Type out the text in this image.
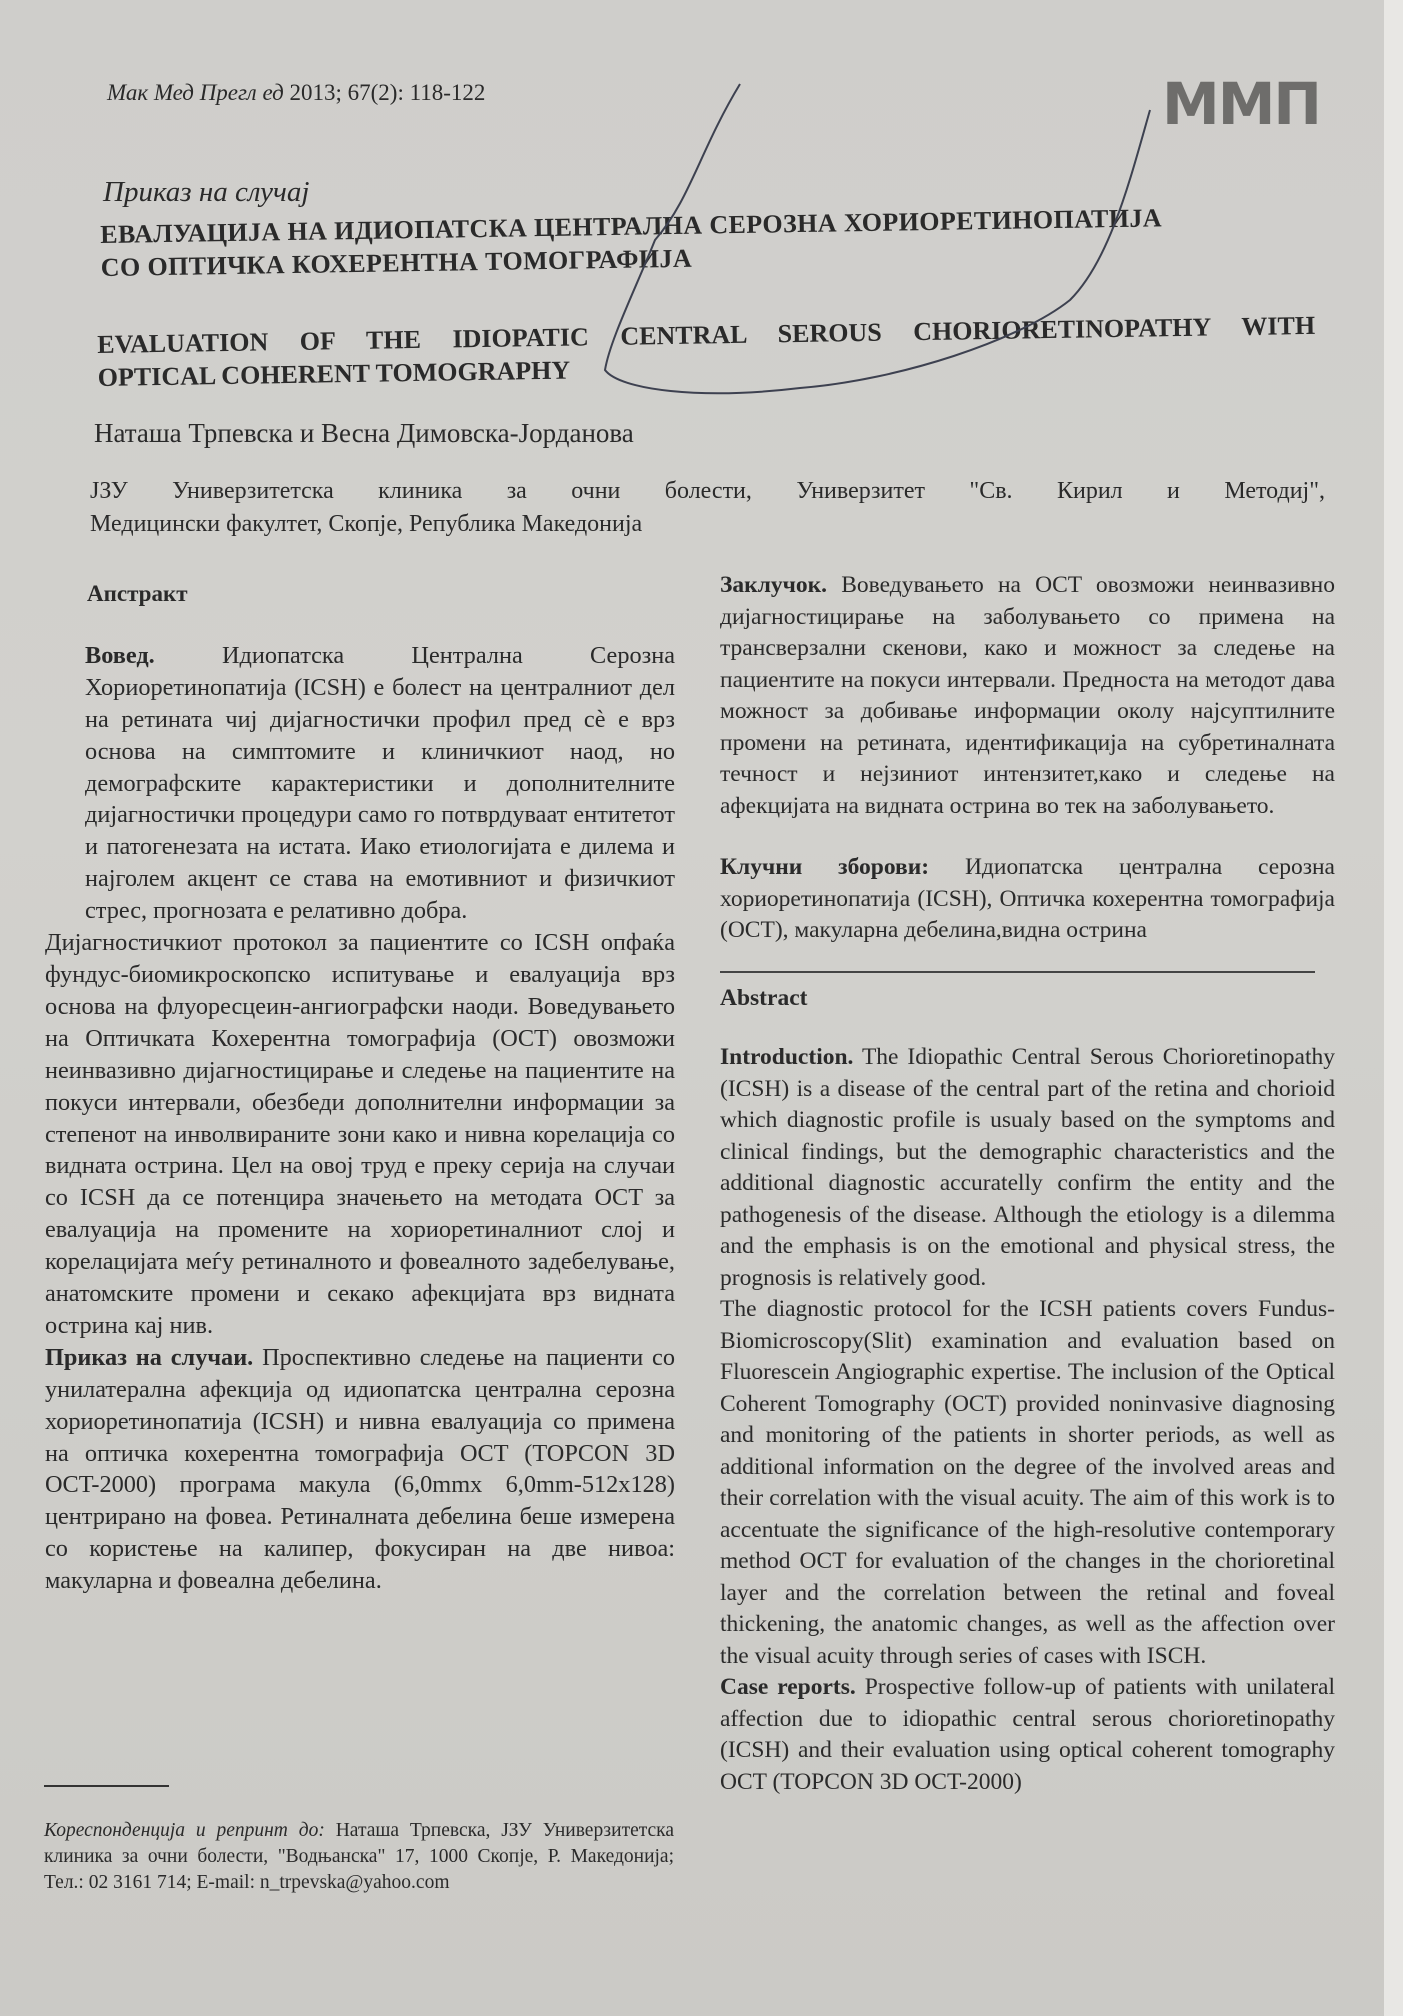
Мак Мед Прегл ед 2013; 67(2): 118-122	ММП
Приказ на случај
ЕВАЛУАЦИЈА НА ИДИОПАТСКА ЦЕНТРАЛНА СЕРОЗНА ХОРИОРЕТИНОПАТИЈА
СО ОПТИЧКА КОХЕРЕНТНА ТОМОГРАФИЈА
EVALUATION OF THE IDIOPATIC CENTRAL SEROUS CHORIORETINOPATHY WITH
OPTICAL COHERENT TOMOGRAPHY
Наташа Трпевска и Весна Димовска-Јорданова
ЈЗУ Универзитетска клиника за очни болести, Универзитет "Св. Кирил и Методиј",
Медицински факултет, Скопје, Република Македонија
Апстракт

Вовед.	Идиопатска Централна Серозна Хориоретинопатија (ICSH) е болест на централниот дел на ретината чиј дијагностички профил пред сѐ е врз основа на симптомите и клиничкиот наод, но демографските карактеристики и дополнителните дијагностички процедури само го потврдуваат ентитетот и патогенезата на истата. Иако етиологијата е дилема и најголем акцент се става на емотивниот и физичкиот стрес, прогнозата е релативно добра.

Дијагностичкиот протокол за пациентите со ICSH опфаќа фундус-биомикроскопско испитување и евалуација врз основа на флуоресцеин-ангиографски наоди. Воведувањето на Оптичката Кохерентна томографија (OCT) овозможи неинвазивно дијагностицирање и следење на пациентите на покуси интервали, обезбеди дополнителни информации за степенот на инволвираните зони како и нивна корелација со видната острина. Цел на овој труд е преку серија на случаи со ICSH да се потенцира значењето на методата OCT за евалуација на промените на хориоретиналниот слој и корелацијата меѓу ретиналното и фовеалното задебелување, анатомските промени и секако афекцијата врз видната острина кај нив.

Приказ на случаи. Проспективно следење на пациенти со унилатерална афекција од идиопатска централна серозна хориоретинопатија (ICSH) и нивна евалуација со примена на оптичка кохерентна томографија OCT (TOPCON 3D OCT-2000) програма макула (6,0mmx 6,0mm-512x128) центрирано на фовеа. Ретиналната дебелина беше измерена со користење на калипер, фокусиран на две нивоа: макуларна и фовеална дебелина.

Заклучок. Воведувањето на OCT овозможи неинвазивно дијагностицирање на заболувањето со примена на трансверзални скенови, како и можност за следење на пациентите на покуси интервали. Предноста на методот дава можност за добивање информации околу најсуптилните промени на ретината, идентификација на субретиналната течност и нејзиниот интензитет,како и следење на афекцијата на видната острина во тек на заболувањето.

Клучни зборови: Идиопатска централна серозна хориоретинопатија (ICSH), Оптичка кохерентна томографија (OCT), макуларна дебелина,видна острина

Abstract

Introduction. The Idiopathic Central Serous Chorioretinopathy (ICSH) is a disease of the central part of the retina and chorioid which diagnostic profile is usualy based on the symptoms and clinical findings, but the demographic characteristics and the additional diagnostic accuratelly confirm the entity and the pathogenesis of the disease. Although the etiology is a dilemma and the emphasis is on the emotional and physical stress, the prognosis is relatively good.

The diagnostic protocol for the ICSH patients covers Fundus-Biomicroscopy(Slit) examination and evaluation based on Fluorescein Angiographic expertise. The inclusion of the Optical Coherent Tomography (OCT) provided noninvasive diagnosing and monitoring of the patients in shorter periods, as well as additional information on the degree of the involved areas and their correlation with the visual acuity. The aim of this work is to accentuate the significance of the high-resolutive contemporary method OCT for evaluation of the changes in the chorioretinal layer and the correlation between the retinal and foveal thickening, the anatomic changes, as well as the affection over the visual acuity through series of cases with ISCH.

Case reports. Prospective follow-up of patients with unilateral affection due to idiopathic central serous chorioretinopathy (ICSH) and their evaluation using optical coherent tomography OCT (TOPCON 3D OCT-2000)

Кореспонденција и репринт до: Наташа Трпевска, ЈЗУ Универзитетска клиника за очни болести, "Водњанска" 17, 1000 Скопје, Р. Македонија; Тел.: 02 3161 714; E-mail: n_trpevska@yahoo.com
